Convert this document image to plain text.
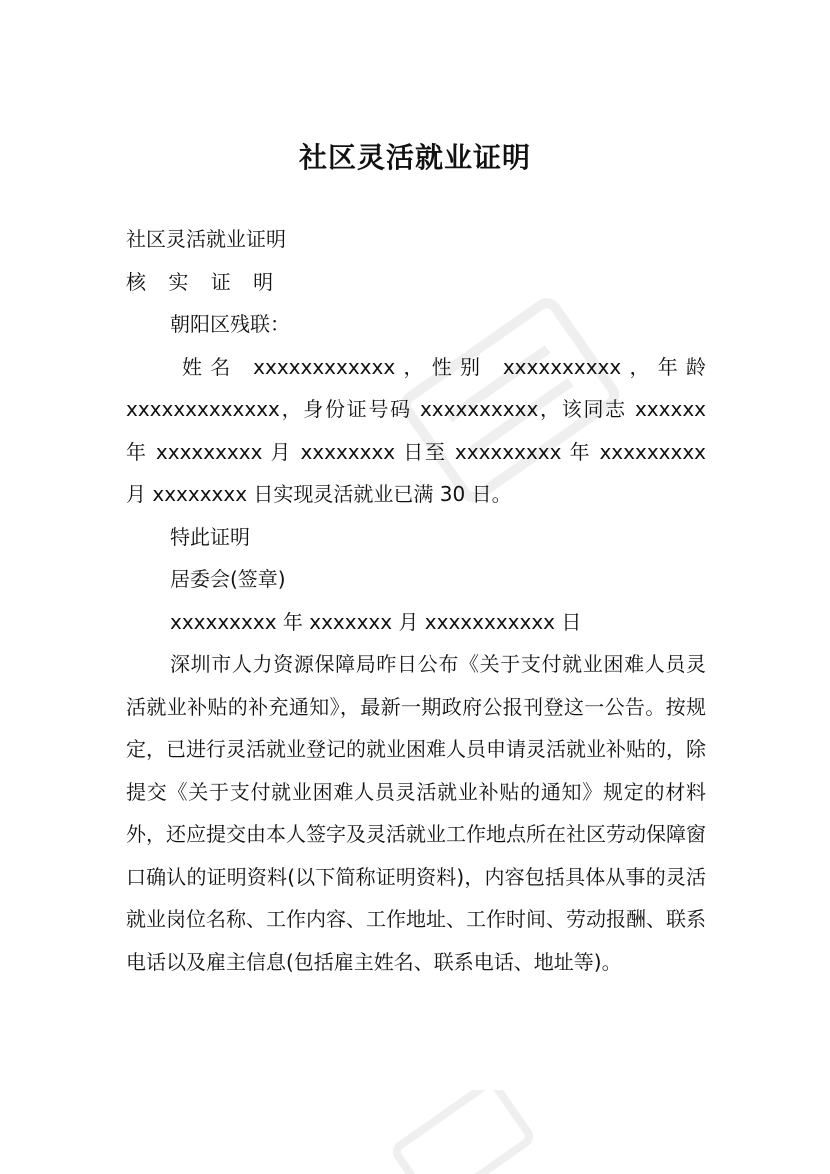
社区灵活就业证明
社区灵活就业证明
核 实 证 明
朝阳区残联：
姓名 xxxxxxxxxxxx，性别 xxxxxxxxxx，年龄
xxxxxxxxxxxxx，身份证号码 xxxxxxxxxx，该同志 xxxxxx
年 xxxxxxxxx 月 xxxxxxxx 日至 xxxxxxxxx 年 xxxxxxxxx
月 xxxxxxxx 日实现灵活就业已满 30 日。
特此证明
居委会(签章)
xxxxxxxxx 年 xxxxxxx 月 xxxxxxxxxxx 日
深圳市人力资源保障局昨日公布《关于支付就业困难人员灵活就业补贴的补充通知》，最新一期政府公报刊登这一公告。按规定，已进行灵活就业登记的就业困难人员申请灵活就业补贴的，除提交《关于支付就业困难人员灵活就业补贴的通知》规定的材料外，还应提交由本人签字及灵活就业工作地点所在社区劳动保障窗口确认的证明资料(以下简称证明资料)，内容包括具体从事的灵活就业岗位名称、工作内容、工作地址、工作时间、劳动报酬、联系电话以及雇主信息(包括雇主姓名、联系电话、地址等)。
